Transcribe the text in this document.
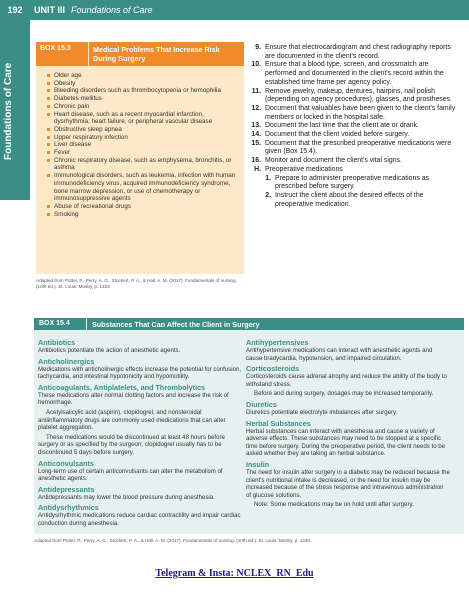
192	UNIT III Foundations of Care
Foundations of Care
BOX 15.3	Medical Problems That Increase Risk During Surgery
Older age
Obesity
Bleeding disorders such as thrombocytopenia or hemophilia
Diabetes mellitus
Chronic pain
Heart disease, such as a recent myocardial infarction, dysrhythmia, heart failure, or peripheral vascular disease
Obstructive sleep apnea
Upper respiratory infection
Liver disease
Fever
Chronic respiratory disease, such as emphysema, bronchitis, or asthma
Immunological disorders, such as leukemia, infection with human immunodeficiency virus, acquired immunodeficiency syndrome, bone marrow depression, or use of chemotherapy or immunosuppressive agents
Abuse of recreational drugs
Smoking
Adapted from Potter, P., Perry, A. G., Stockert, P. A., & Hall, A. M. (2017). Fundamentals of nursing. (10th ed.). St. Louis: Mosby, p. 1323.
9. Ensure that electrocardiogram and chest radiography reports are documented in the client's record.
10. Ensure that a blood type, screen, and crossmatch are performed and documented in the client's record within the established time frame per agency policy.
11. Remove jewelry, makeup, dentures, hairpins, nail polish (depending on agency procedures), glasses, and prostheses.
12. Document that valuables have been given to the client's family members or locked in the hospital safe.
13. Document the last time that the client ate or drank.
14. Document that the client voided before surgery.
15. Document that the prescribed preoperative medications were given (Box 15.4).
16. Monitor and document the client's vital signs.
H. Preoperative medications
1. Prepare to administer preoperative medications as prescribed before surgery.
2. Instruct the client about the desired effects of the preoperative medication.
BOX 15.4	Substances That Can Affect the Client in Surgery
Antibiotics
Antibiotics potentiate the action of anesthetic agents.
Anticholinergics
Medications with anticholinergic effects increase the potential for confusion, tachycardia, and intestinal hypotonicity and hypomotility.
Anticoagulants, Antiplatelets, and Thrombolytics
These medications alter normal clotting factors and increase the risk of hemorrhage.
Acetylsalicylic acid (aspirin), clopidogrel, and nonsteroidal antiinflammatory drugs are commonly used medications that can alter platelet aggregation.
These medications would be discontinued at least 48 hours before surgery or as specified by the surgeon; clopidogrel usually has to be discontinued 5 days before surgery.
Anticonvulsants
Long-term use of certain anticonvulsants can alter the metabolism of anesthetic agents.
Antidepressants
Antidepressants may lower the blood pressure during anesthesia.
Antidysrhythmics
Antidysrhythmic medications reduce cardiac contractility and impair cardiac conduction during anesthesia.
Antihypertensives
Antihypertensive medications can interact with anesthetic agents and cause bradycardia, hypotension, and impaired circulation.
Corticosteroids
Corticosteroids cause adrenal atrophy and reduce the ability of the body to withstand stress.
Before and during surgery, dosages may be increased temporarily.
Diuretics
Diuretics potentiate electrolyte imbalances after surgery.
Herbal Substances
Herbal substances can interact with anesthesia and cause a variety of adverse effects. These substances may need to be stopped at a specific time before surgery. During the preoperative period, the client needs to be asked whether they are taking an herbal substance.
Insulin
The need for insulin after surgery in a diabetic may be reduced because the client's nutritional intake is decreased, or the need for insulin may be increased because of the stress response and intravenous administration of glucose solutions.
Note: Some medications may be on hold until after surgery.
Adapted from Potter, P., Perry, A. G., Stockert, P. A., & Hall, A. M. (2017). Fundamentals of nursing. (10th ed.). St. Louis: Mosby, p. 1330.
Telegram & Insta: NCLEX_RN_Edu
